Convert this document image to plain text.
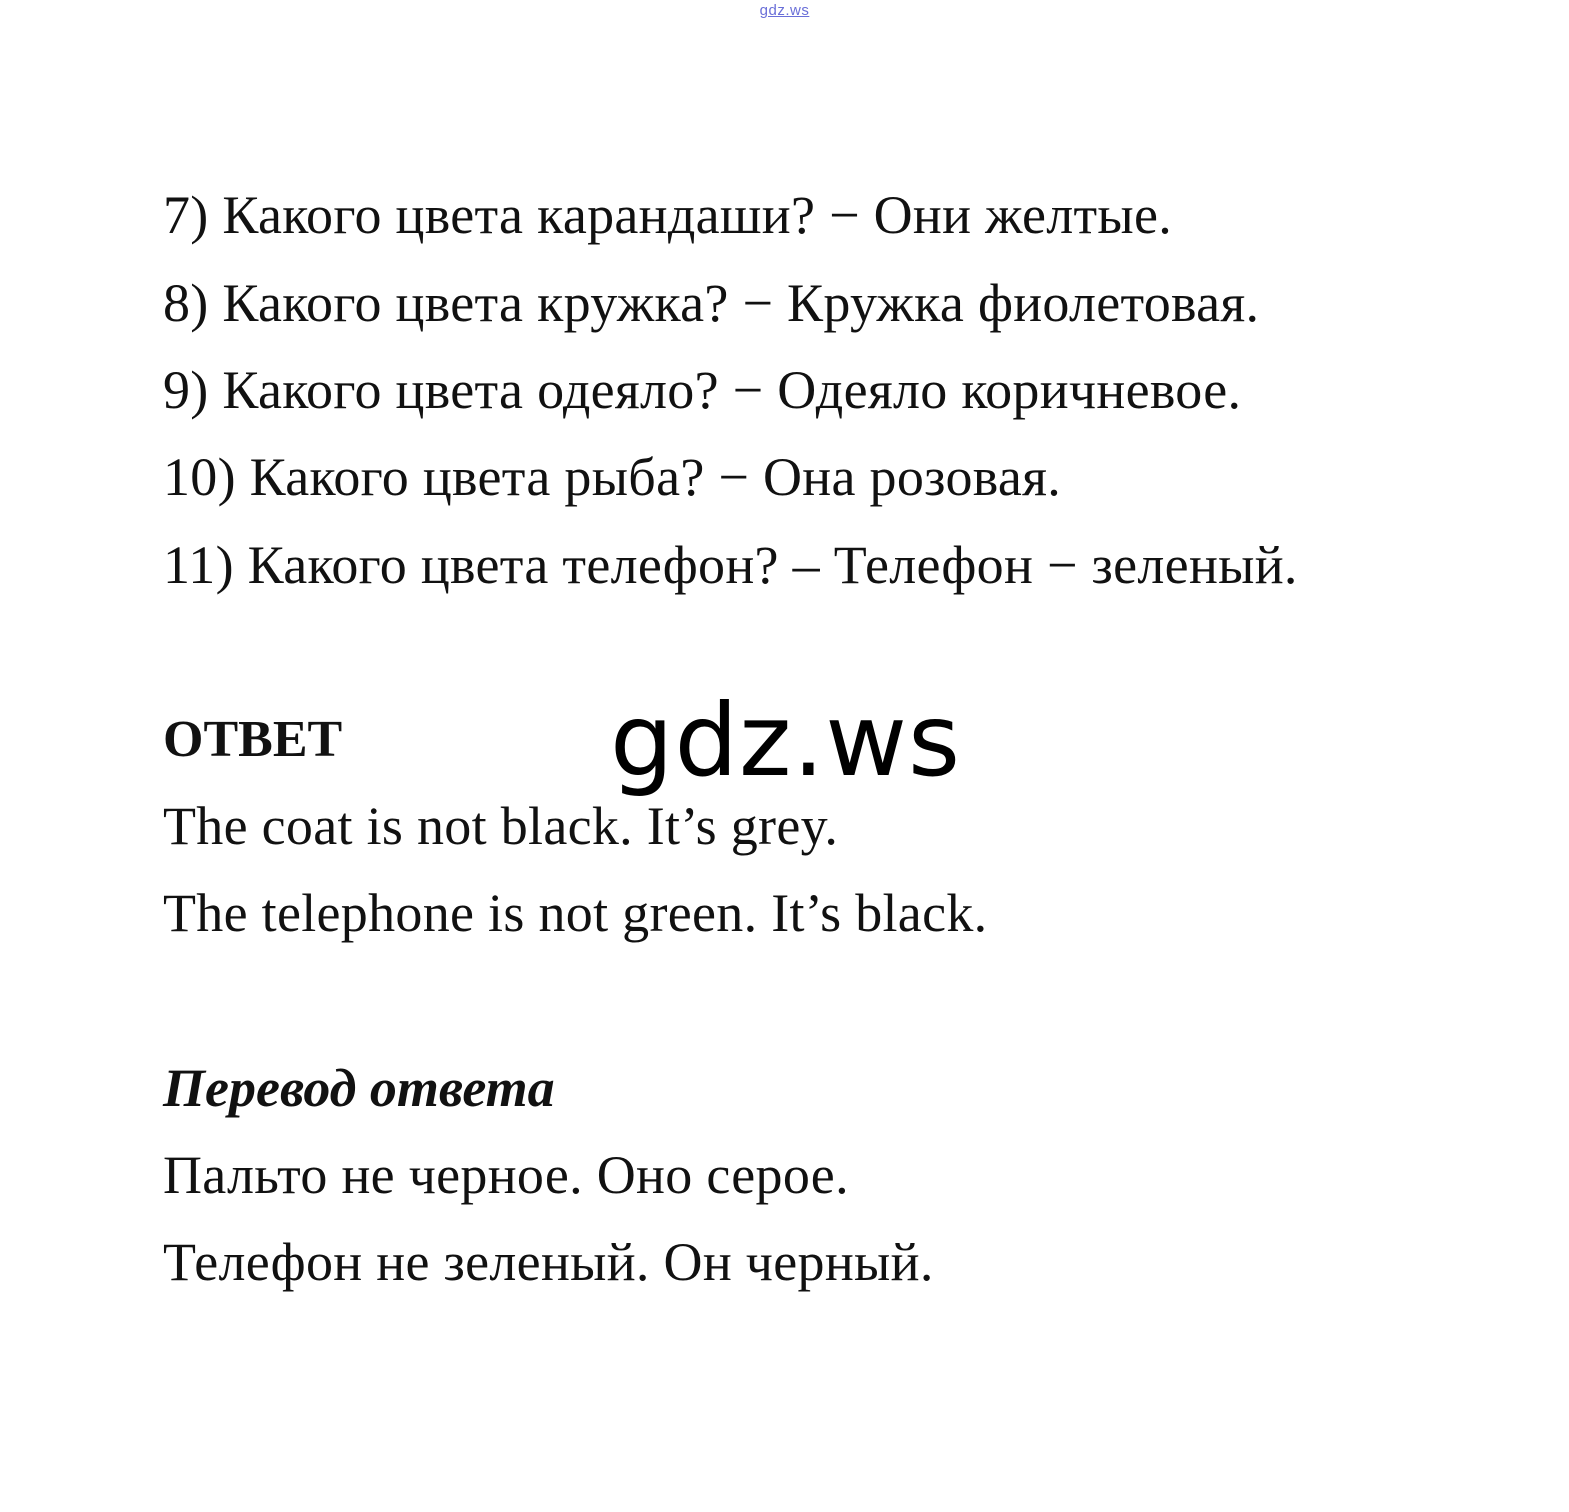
gdz.ws
7) Какого цвета карандаши? − Они желтые.
8) Какого цвета кружка? − Кружка фиолетовая.
9) Какого цвета одеяло? − Одеяло коричневое.
10) Какого цвета рыба? − Она розовая.
11) Какого цвета телефон? – Телефон − зеленый.
ОТВЕТ	gdz.ws
The coat is not black. It’s grey.
The telephone is not green. It’s black.
Перевод ответа
Пальто не черное. Оно серое.
Телефон не зеленый. Он черный.
